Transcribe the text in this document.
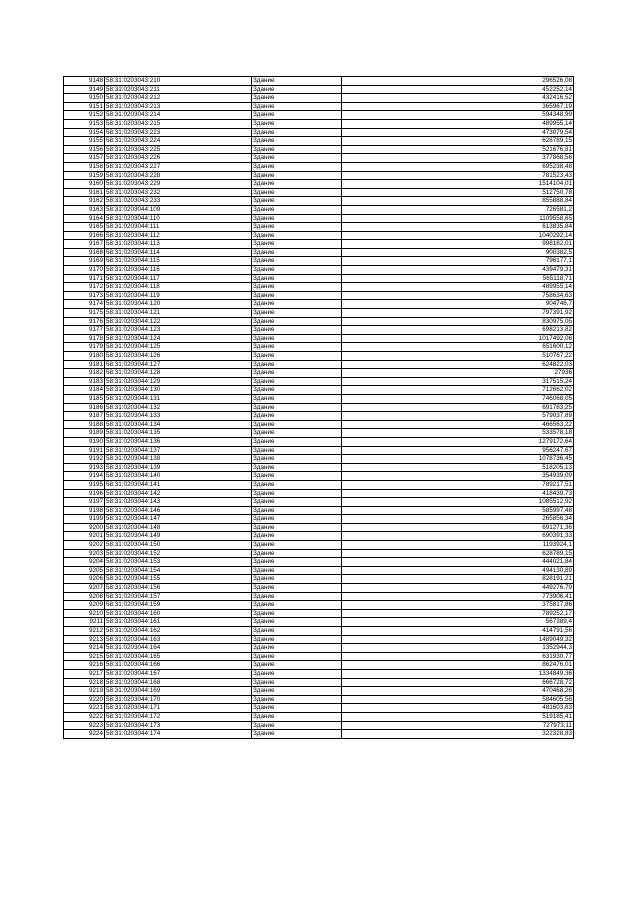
9148	58:31:0203043:210	Здание	296526,08
9149	58:31:0203043:211	Здание	452252,14
9150	58:31:0203043:212	Здание	432416,52
9151	58:31:0203043:213	Здание	365967,19
9152	58:31:0203043:214	Здание	594348,99
9153	58:31:0203043:215	Здание	489955,14
9154	58:31:0203043:223	Здание	473079,54
9155	58:31:0203043:224	Здание	628789,15
9156	58:31:0203043:225	Здание	521676,81
9157	58:31:0203043:226	Здание	377868,56
9158	58:31:0203043:227	Здание	695238,48
9159	58:31:0203043:228	Здание	781523,43
9160	58:31:0203043:229	Здание	1514104,01
9161	58:31:0203043:232	Здание	512750,78
9162	58:31:0203043:233	Здание	855888,84
9163	58:31:0203044:109	Здание	726581,2
9164	58:31:0203044:110	Здание	1109558,65
9165	58:31:0203044:111	Здание	613835,84
9166	58:31:0203044:112	Здание	1040292,14
9167	58:31:0203044:113	Здание	998182,01
9168	58:31:0203044:114	Здание	900382,5
9169	58:31:0203044:115	Здание	796177,1
9170	58:31:0203044:116	Здание	439479,31
9171	58:31:0203044:117	Здание	565118,71
9172	58:31:0203044:118	Здание	489955,14
9173	58:31:0203044:119	Здание	758634,63
9174	58:31:0203044:120	Здание	904746,7
9175	58:31:0203044:121	Здание	797391,92
9176	58:31:0203044:122	Здание	830975,05
9177	58:31:0203044:123	Здание	698213,82
9178	58:31:0203044:124	Здание	1017492,06
9179	58:31:0203044:125	Здание	651600,12
9180	58:31:0203044:126	Здание	510767,22
9181	58:31:0203044:127	Здание	624822,03
9182	58:31:0203044:128	Здание	27936
9183	58:31:0203044:129	Здание	317515,24
9184	58:31:0203044:130	Здание	712662,02
9185	58:31:0203044:131	Здание	746068,05
9186	58:31:0203044:132	Здание	691783,25
9187	58:31:0203044:133	Здание	579037,89
9188	58:31:0203044:134	Здание	466563,22
9189	58:31:0203044:135	Здание	533578,18
9190	58:31:0203044:136	Здание	1279172,64
9191	58:31:0203044:137	Здание	956247,67
9192	58:31:0203044:138	Здание	1078736,45
9193	58:31:0203044:139	Здание	518205,13
9194	58:31:0203044:140	Здание	354939,09
9195	58:31:0203044:141	Здание	789217,51
9196	58:31:0203044:142	Здание	418439,73
9197	58:31:0203044:143	Здание	1085512,92
9198	58:31:0203044:146	Здание	585997,48
9199	58:31:0203044:147	Здание	265856,34
9200	58:31:0203044:148	Здание	691271,36
9201	58:31:0203044:149	Здание	690391,33
9202	58:31:0203044:150	Здание	1193924,1
9203	58:31:0203044:152	Здание	628789,15
9204	58:31:0203044:153	Здание	444021,84
9205	58:31:0203044:154	Здание	494130,89
9206	58:31:0203044:155	Здание	828191,21
9207	58:31:0203044:156	Здание	449276,79
9208	58:31:0203044:157	Здание	773906,41
9209	58:31:0203044:159	Здание	375817,86
9210	58:31:0203044:160	Здание	789252,17
9211	58:31:0203044:161	Здание	567389,4
9212	58:31:0203044:162	Здание	414791,56
9213	58:31:0203044:163	Здание	1489049,32
9214	58:31:0203044:164	Здание	1352944,3
9215	58:31:0203044:165	Здание	631930,77
9216	58:31:0203044:166	Здание	862476,01
9217	58:31:0203044:167	Здание	1334849,36
9218	58:31:0203044:168	Здание	666728,72
9219	58:31:0203044:169	Здание	470468,26
9220	58:31:0203044:170	Здание	584605,56
9221	58:31:0203044:171	Здание	481603,63
9222	58:31:0203044:172	Здание	519185,41
9223	58:31:0203044:173	Здание	727973,11
9224	58:31:0203044:174	Здание	322328,83
